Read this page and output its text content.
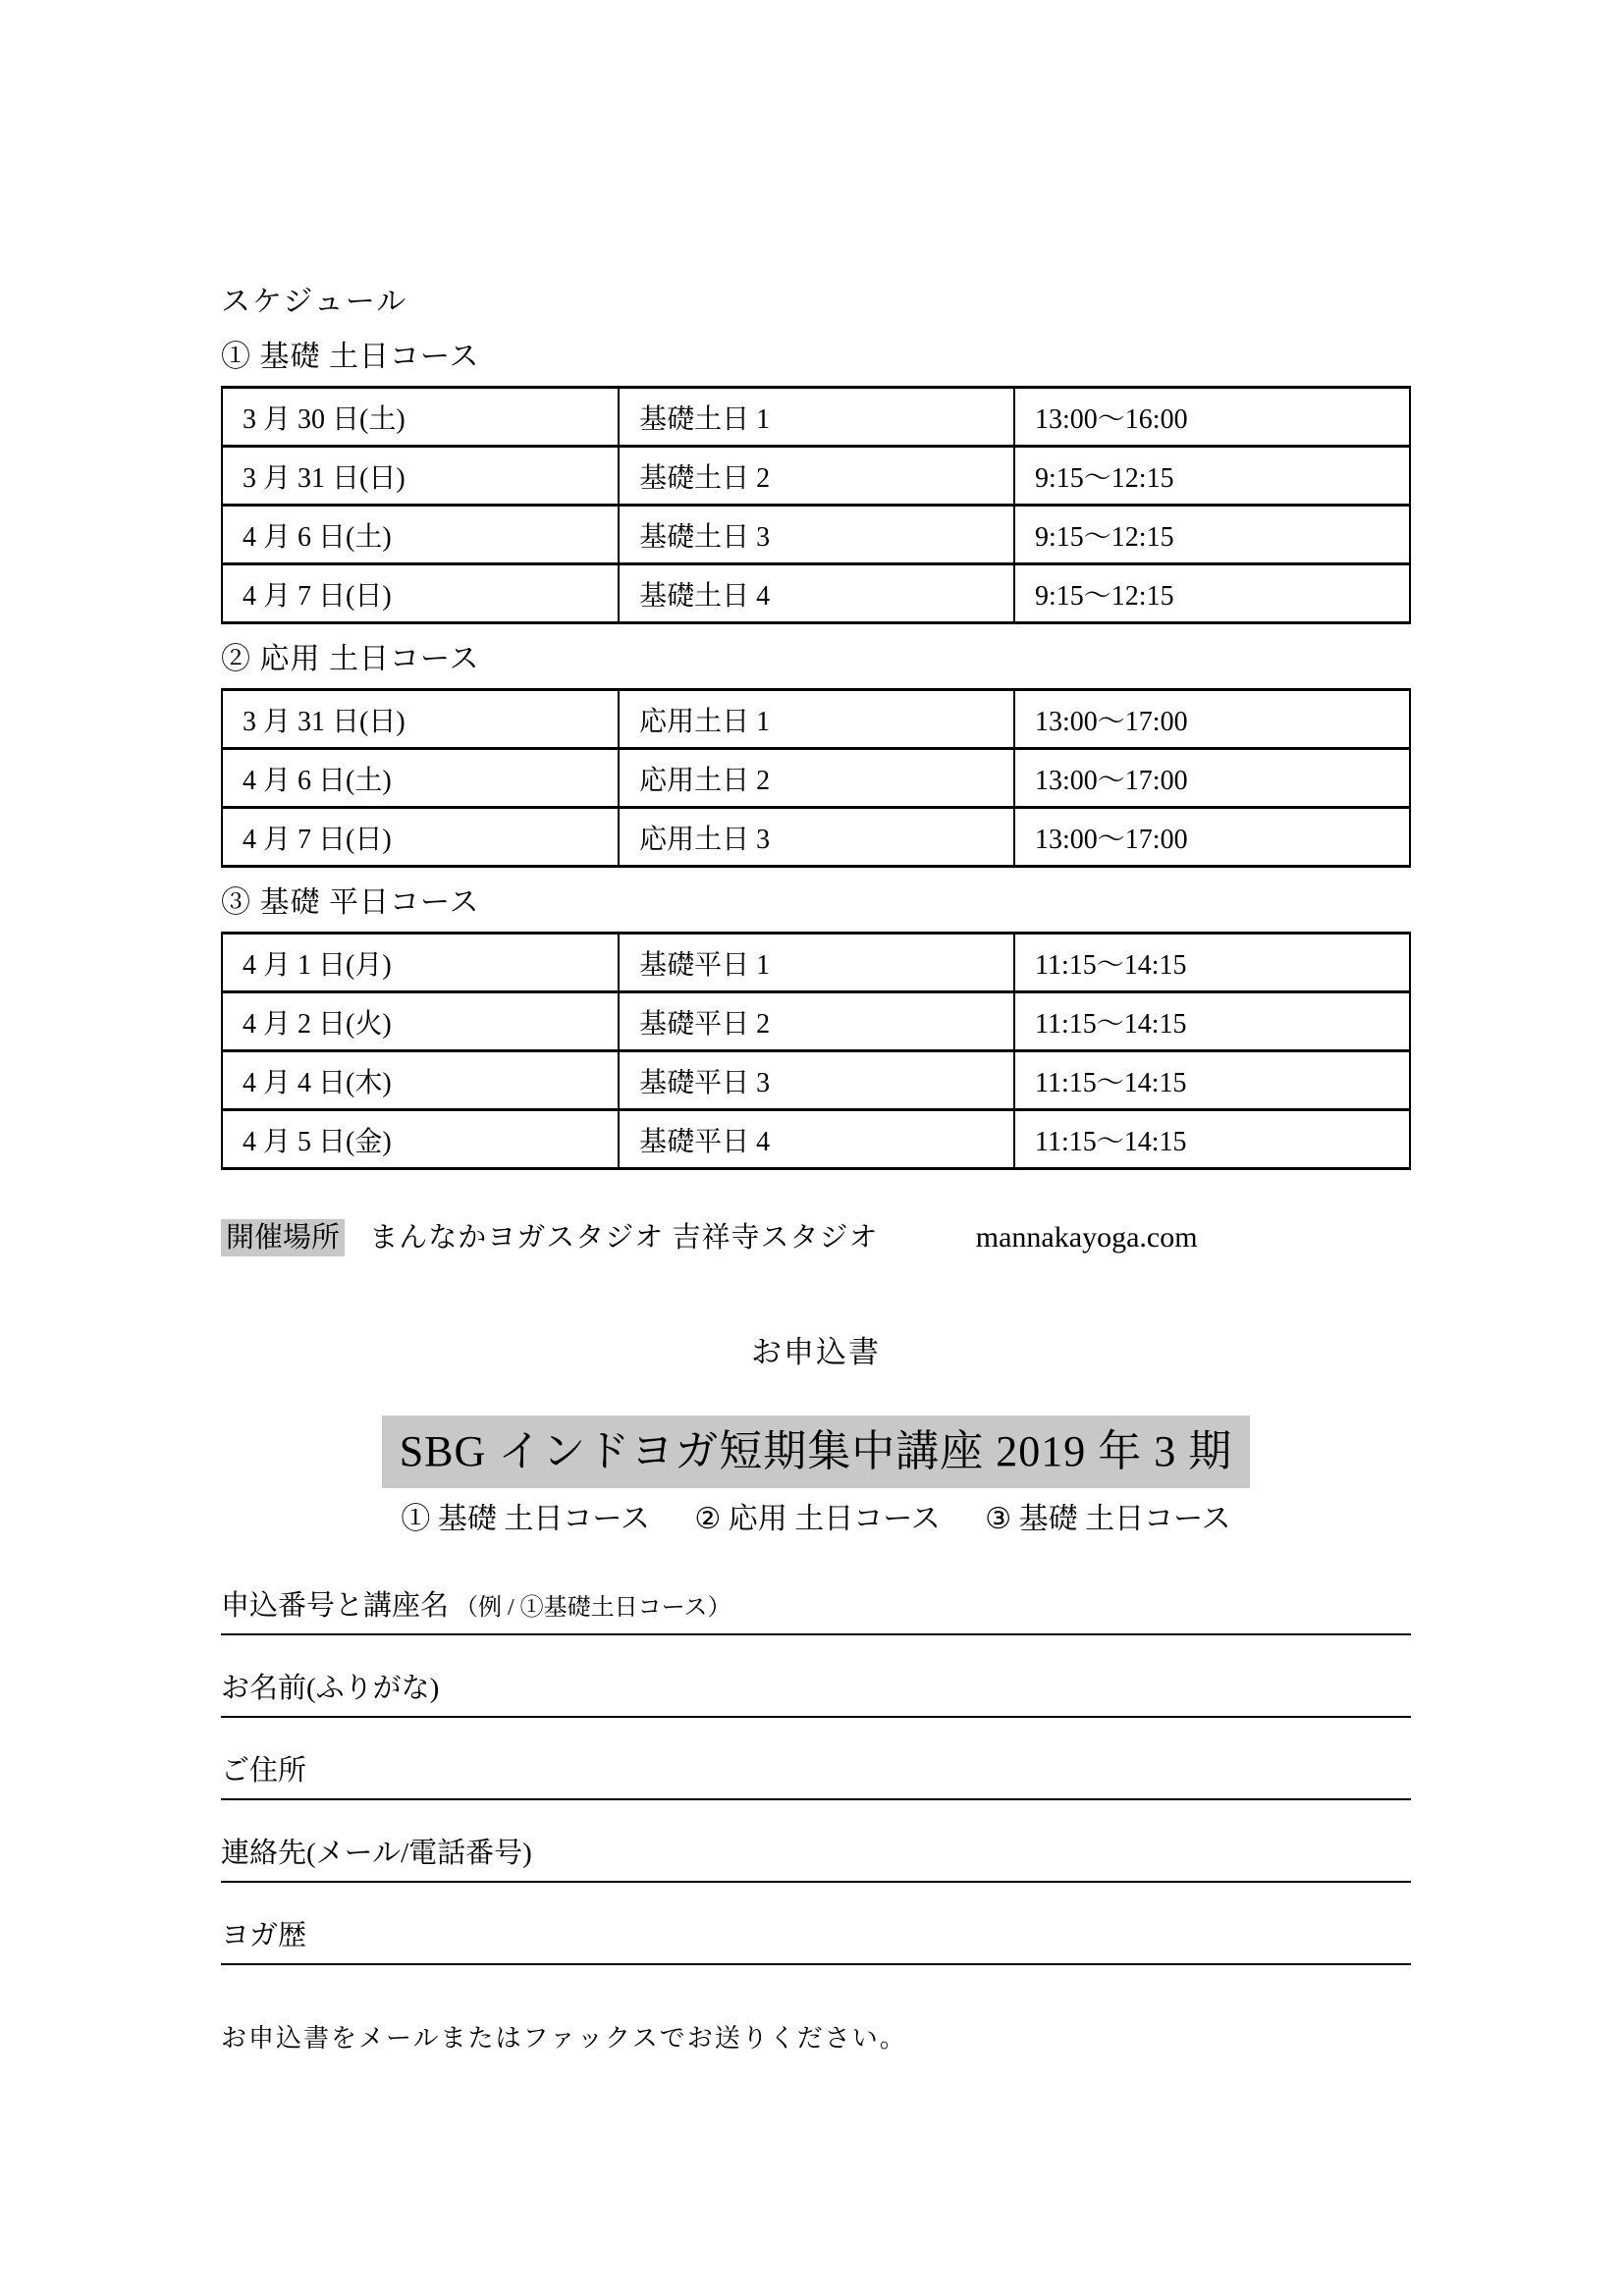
スケジュール
① 基礎 土日コース
3 月 30 日(土)	基礎土日 1	13:00～16:00
3 月 31 日(日)	基礎土日 2	9:15～12:15
4 月 6 日(土)	基礎土日 3	9:15～12:15
4 月 7 日(日)	基礎土日 4	9:15～12:15
② 応用 土日コース
3 月 31 日(日)	応用土日 1	13:00～17:00
4 月 6 日(土)	応用土日 2	13:00～17:00
4 月 7 日(日)	応用土日 3	13:00～17:00
③ 基礎 平日コース
4 月 1 日(月)	基礎平日 1	11:15～14:15
4 月 2 日(火)	基礎平日 2	11:15～14:15
4 月 4 日(木)	基礎平日 3	11:15～14:15
4 月 5 日(金)	基礎平日 4	11:15～14:15
開催場所 まんなかヨガスタジオ 吉祥寺スタジオ	mannakayoga.com
お申込書
SBG インドヨガ短期集中講座 2019 年 3 期
① 基礎 土日コース ② 応用 土日コース ③ 基礎 土日コース
申込番号と講座名 （例 / ①基礎土日コース）
お名前(ふりがな)
ご住所
連絡先(メール/電話番号)
ヨガ歴
お申込書をメールまたはファックスでお送りください。
